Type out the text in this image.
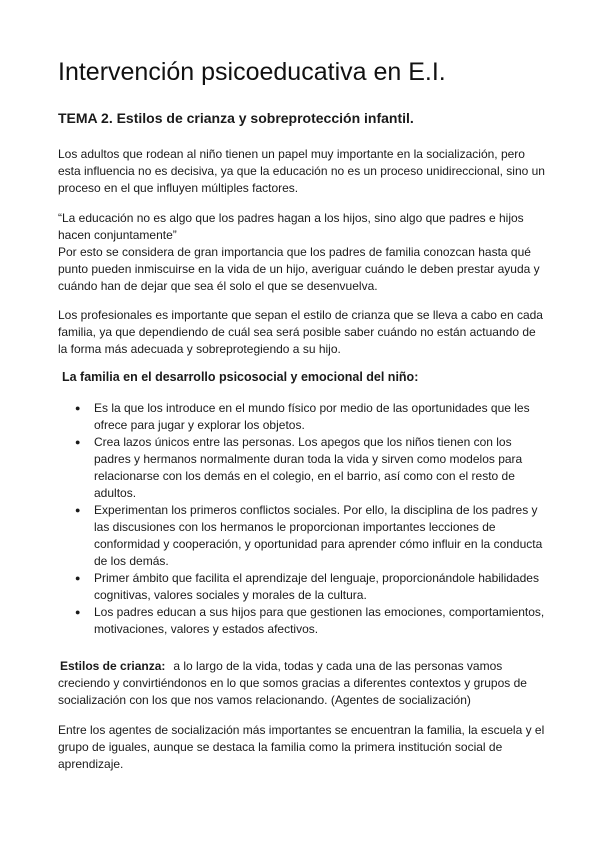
Intervención psicoeducativa en E.I.
TEMA 2. Estilos de crianza y sobreprotección infantil.

Los adultos que rodean al niño tienen un papel muy importante en la socialización, pero esta influencia no es decisiva, ya que la educación no es un proceso unidireccional, sino un proceso en el que influyen múltiples factores.

“La educación no es algo que los padres hagan a los hijos, sino algo que padres e hijos hacen conjuntamente”
Por esto se considera de gran importancia que los padres de familia conozcan hasta qué punto pueden inmiscuirse en la vida de un hijo, averiguar cuándo le deben prestar ayuda y cuándo han de dejar que sea él solo el que se desenvuelva.

Los profesionales es importante que sepan el estilo de crianza que se lleva a cabo en cada familia, ya que dependiendo de cuál sea será posible saber cuándo no están actuando de la forma más adecuada y sobreprotegiendo a su hijo.

La familia en el desarrollo psicosocial y emocional del niño:
● Es la que los introduce en el mundo físico por medio de las oportunidades que les ofrece para jugar y explorar los objetos.
● Crea lazos únicos entre las personas. Los apegos que los niños tienen con los padres y hermanos normalmente duran toda la vida y sirven como modelos para relacionarse con los demás en el colegio, en el barrio, así como con el resto de adultos.
● Experimentan los primeros conflictos sociales. Por ello, la disciplina de los padres y las discusiones con los hermanos le proporcionan importantes lecciones de conformidad y cooperación, y oportunidad para aprender cómo influir en la conducta de los demás.
● Primer ámbito que facilita el aprendizaje del lenguaje, proporcionándole habilidades cognitivas, valores sociales y morales de la cultura.
● Los padres educan a sus hijos para que gestionen las emociones, comportamientos, motivaciones, valores y estados afectivos.

Estilos de crianza: a lo largo de la vida, todas y cada una de las personas vamos creciendo y convirtiéndonos en lo que somos gracias a diferentes contextos y grupos de socialización con los que nos vamos relacionando. (Agentes de socialización)

Entre los agentes de socialización más importantes se encuentran la familia, la escuela y el grupo de iguales, aunque se destaca la familia como la primera institución social de aprendizaje.
